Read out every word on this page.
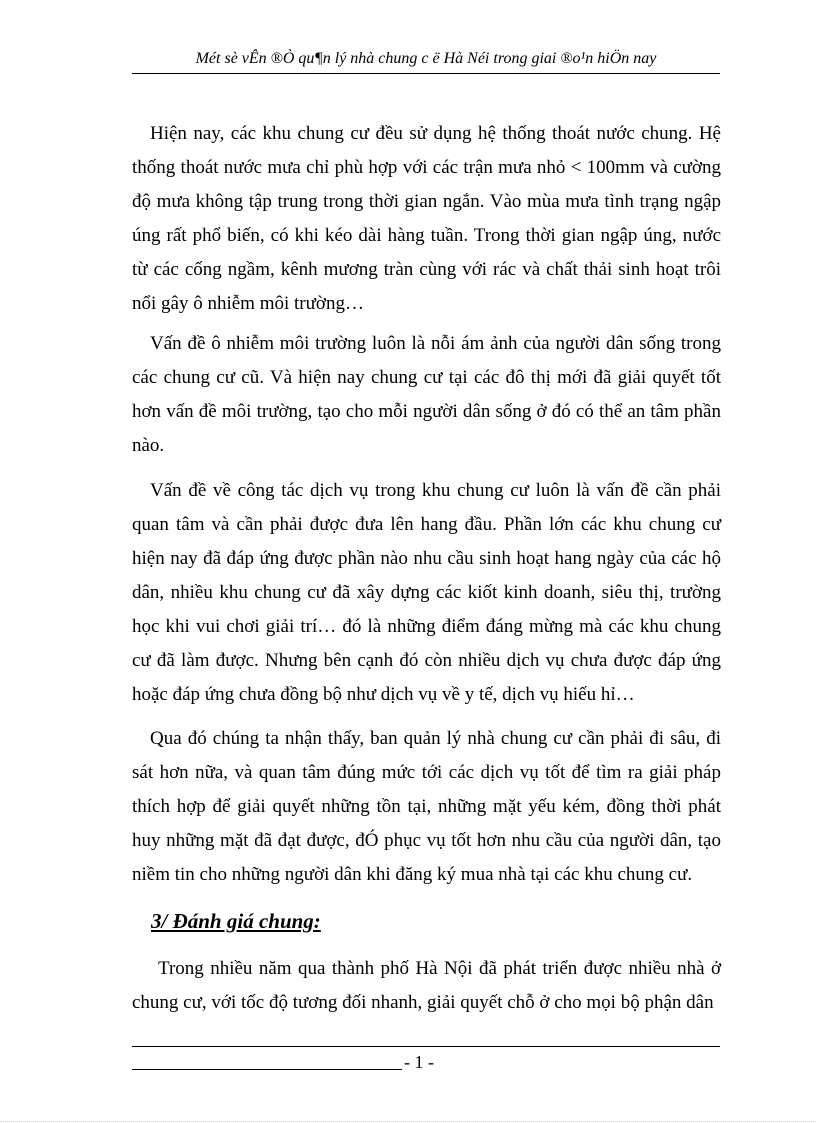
Mét sè vÊn ®Ò qu¶n lý nhà chung c ë Hà Néi trong giai ®o¹n hiÖn nay
Hiện nay, các khu chung cư đều sử dụng hệ thống thoát nước chung. Hệ thống thoát nước mưa chỉ phù hợp với các trận mưa nhỏ < 100mm và cường độ mưa không tập trung trong thời gian ngắn. Vào mùa mưa tình trạng ngập úng rất phổ biến, có khi kéo dài hàng tuần. Trong thời gian ngập úng, nước từ các cống ngầm, kênh mương tràn cùng với rác và chất thải sinh hoạt trôi nổi gây ô nhiễm môi trường…
Vấn đề ô nhiễm môi trường luôn là nỗi ám ảnh của người dân sống trong các chung cư cũ. Và hiện nay chung cư tại các đô thị mới đã giải quyết tốt hơn vấn đề môi trường, tạo cho mỗi người dân sống ở đó có thể an tâm phần nào.
Vấn đề về công tác dịch vụ trong khu chung cư luôn là vấn đề cần phải quan tâm và cần phải được đưa lên hang đầu. Phần lớn các khu chung cư hiện nay đã đáp ứng được phần nào nhu cầu sinh hoạt hang ngày của các hộ dân, nhiều khu chung cư đã xây dựng các kiốt kinh doanh, siêu thị, trường học khi vui chơi giải trí… đó là những điểm đáng mừng mà các khu chung cư đã làm được. Nhưng bên cạnh đó còn nhiều dịch vụ chưa được đáp ứng hoặc đáp ứng chưa đồng bộ như dịch vụ về y tế, dịch vụ hiếu hỉ…
Qua đó chúng ta nhận thấy, ban quản lý nhà chung cư cần phải đi sâu, đi sát hơn nữa, và quan tâm đúng mức tới các dịch vụ tốt để tìm ra giải pháp thích hợp để giải quyết những tồn tại, những mặt yếu kém, đồng thời phát huy những mặt đã đạt được, đÓ phục vụ tốt hơn nhu cầu của người dân, tạo niềm tin cho những người dân khi đăng ký mua nhà tại các khu chung cư.
3/ Đánh giá chung:
Trong nhiều năm qua thành phố Hà Nội đã phát triển được nhiều nhà ở chung cư, với tốc độ tương đối nhanh, giải quyết chỗ ở cho mọi bộ phận dân
- 1 -
